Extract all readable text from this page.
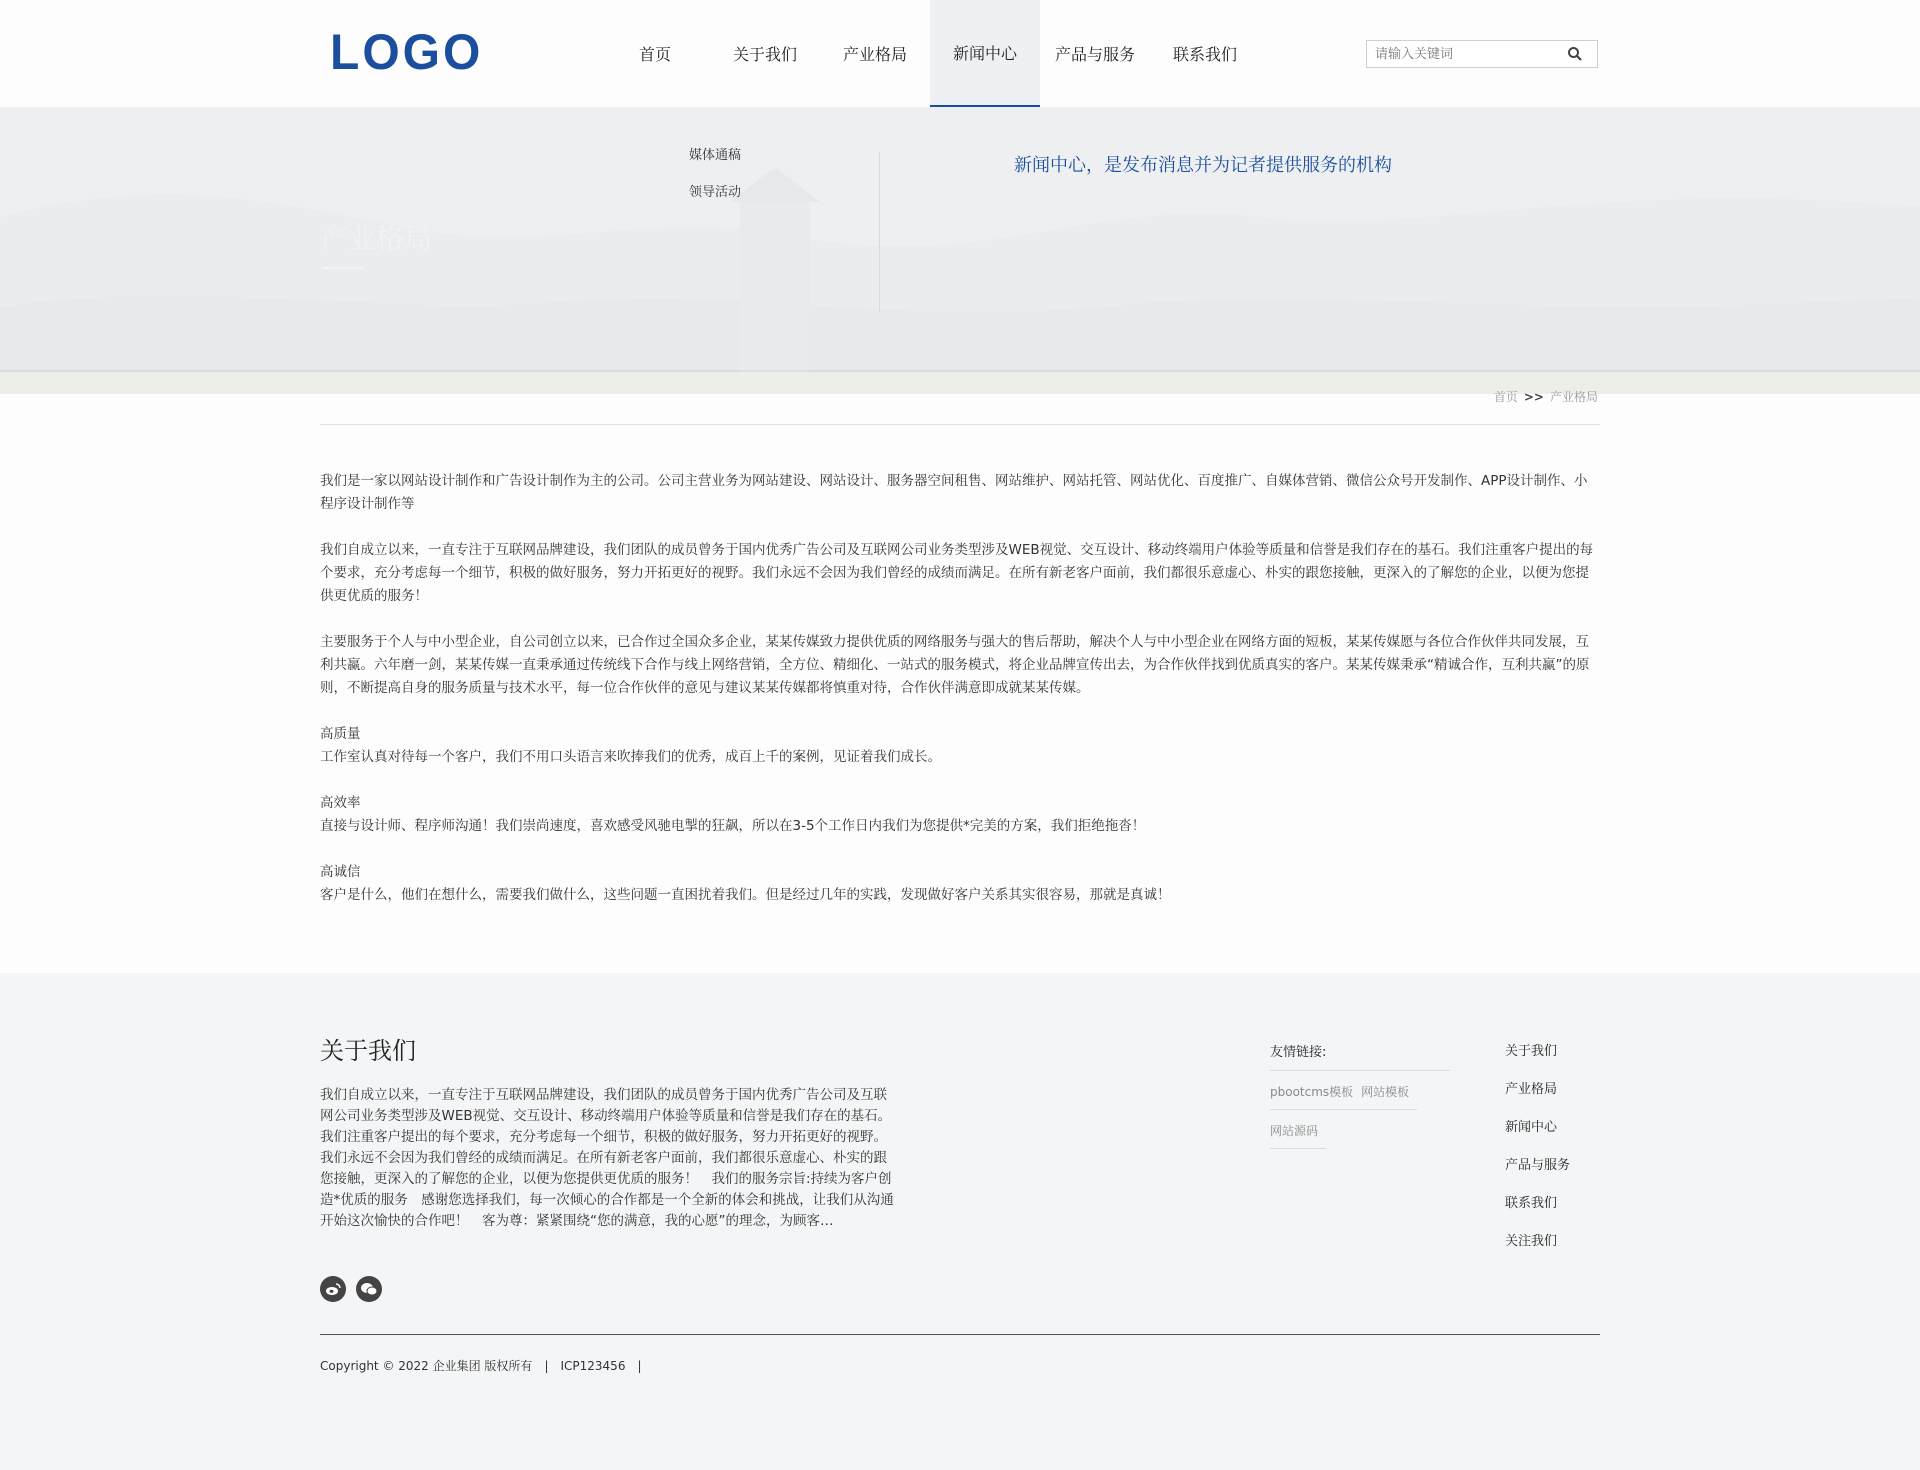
LOGO	首页	关于我们	产业格局	新闻中心	产品与服务	联系我们
请输入关键词
媒体通稿
领导活动
新闻中心，是发布消息并为记者提供服务的机构
首页 >> 产业格局

我们是一家以网站设计制作和广告设计制作为主的公司。公司主营业务为网站建设、网站设计、服务器空间租售、网站维护、网站托管、网站优化、百度推广、自媒体营销、微信公众号开发制作、APP设计制作、小程序设计制作等

我们自成立以来，一直专注于互联网品牌建设，我们团队的成员曾务于国内优秀广告公司及互联网公司业务类型涉及WEB视觉、交互设计、移动终端用户体验等质量和信誉是我们存在的基石。我们注重客户提出的每个要求，充分考虑每一个细节，积极的做好服务，努力开拓更好的视野。我们永远不会因为我们曾经的成绩而满足。在所有新老客户面前，我们都很乐意虚心、朴实的跟您接触，更深入的了解您的企业，以便为您提供更优质的服务！

主要服务于个人与中小型企业，自公司创立以来，已合作过全国众多企业，某某传媒致力提供优质的网络服务与强大的售后帮助，解决个人与中小型企业在网络方面的短板，某某传媒愿与各位合作伙伴共同发展，互利共赢。六年磨一剑，某某传媒一直秉承通过传统线下合作与线上网络营销，全方位、精细化、一站式的服务模式，将企业品牌宣传出去，为合作伙伴找到优质真实的客户。某某传媒秉承“精诚合作，互利共赢”的原则，不断提高自身的服务质量与技术水平，每一位合作伙伴的意见与建议某某传媒都将慎重对待，合作伙伴满意即成就某某传媒。

高质量
工作室认真对待每一个客户，我们不用口头语言来吹捧我们的优秀，成百上千的案例，见证着我们成长。
高效率
直接与设计师、程序师沟通！我们崇尚速度，喜欢感受风驰电掣的狂飙，所以在3-5个工作日内我们为您提供*完美的方案，我们拒绝拖沓！
高诚信
客户是什么，他们在想什么，需要我们做什么，这些问题一直困扰着我们。但是经过几年的实践，发现做好客户关系其实很容易，那就是真诚！
关于我们
我们自成立以来，一直专注于互联网品牌建设，我们团队的成员曾务于国内优秀广告公司及互联网公司业务类型涉及WEB视觉、交互设计、移动终端用户体验等质量和信誉是我们存在的基石。我们注重客户提出的每个要求，充分考虑每一个细节，积极的做好服务，努力开拓更好的视野。我们永远不会因为我们曾经的成绩而满足。在所有新老客户面前，我们都很乐意虚心、朴实的跟您接触，更深入的了解您的企业，以便为您提供更优质的服务！　我们的服务宗旨:持续为客户创造*优质的服务　感谢您选择我们，每一次倾心的合作都是一个全新的体会和挑战，让我们从沟通开始这次愉快的合作吧！　客为尊：紧紧围绕“您的满意，我的心愿”的理念，为顾客…
友情链接:
pbootcms模板 网站模板
网站源码
关于我们
产业格局
新闻中心
产品与服务
联系我们
关注我们
Copyright © 2022 企业集团 版权所有 | ICP123456 |
